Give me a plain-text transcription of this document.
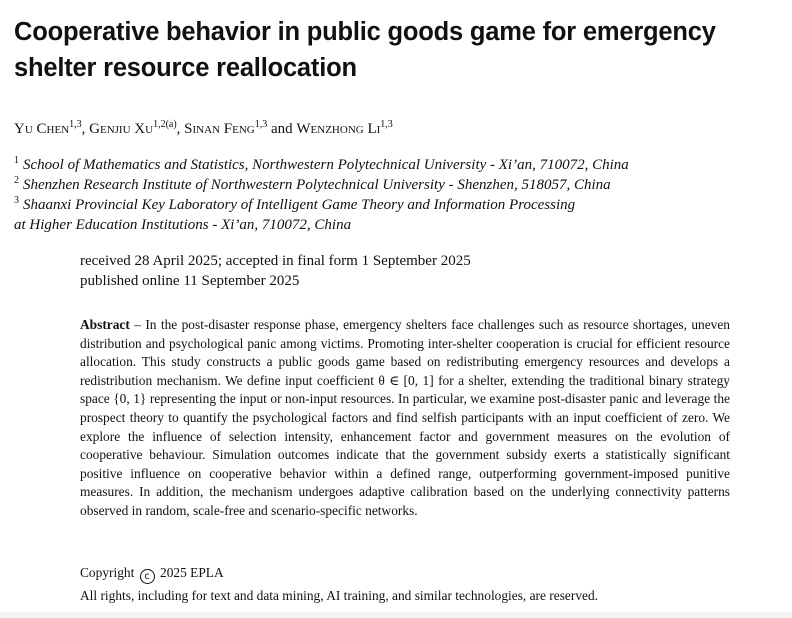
Cooperative behavior in public goods game for emergency
shelter resource reallocation
Yu Chen$^{1,3}$, Genjiu $Xu^{1,2(a)}$, Sinan Feng$^{1,3}$ and Wenzhong Li$^{1,3}$
$^1$ School of Mathematics and Statistics, Northwestern Polytechnical University - Xi’an, 710072, China
$^2$ Shenzhen Research Institute of Northwestern Polytechnical University - Shenzhen, 518057, China
$^3$ Shaanxi Provincial Key Laboratory of Intelligent Game Theory and Information Processing
at Higher Education Institutions - Xi’an, 710072, China
received 28 April 2025; accepted in final form 1 September 2025
published online 11 September 2025

Abstract – In the post-disaster response phase, emergency shelters face challenges such as resource shortages, uneven distribution and psychological panic among victims. Promoting inter-shelter cooperation is crucial for efficient resource allocation. This study constructs a public goods game based on redistributing emergency resources and develops a redistribution mechanism. We define input coefficient θ ∈ [0, 1] for a shelter, extending the traditional binary strategy space {0, 1} representing the input or non-input resources. In particular, we examine post-disaster panic and leverage the prospect theory to quantify the psychological factors and find selfish participants with an input coefficient of zero. We explore the influence of selection intensity, enhancement factor and government measures on the evolution of cooperative behaviour. Simulation outcomes indicate that the government subsidy exerts a statistically significant positive influence on cooperative behavior within a defined range, outperforming government-imposed punitive measures. In addition, the mechanism undergoes adaptive calibration based on the underlying connectivity patterns observed in random, scale-free and scenario-specific networks.

Copyright c 2025 EPLA
All rights, including for text and data mining, AI training, and similar technologies, are reserved.
